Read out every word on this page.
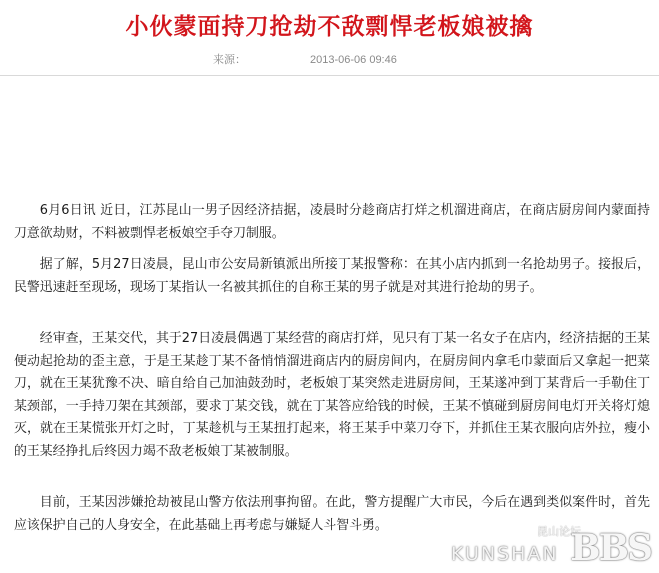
小伙蒙面持刀抢劫不敌剽悍老板娘被擒
来源：	2013-06-06 09:46

6月6日讯 近日，江苏昆山一男子因经济拮据，凌晨时分趁商店打烊之机溜进商店，在商店厨房间内蒙面持刀意欲劫财，不料被剽悍老板娘空手夺刀制服。

据了解，5月27日凌晨，昆山市公安局新镇派出所接丁某报警称：在其小店内抓到一名抢劫男子。接报后，民警迅速赶至现场，现场丁某指认一名被其抓住的自称王某的男子就是对其进行抢劫的男子。

经审查，王某交代，其于27日凌晨偶遇丁某经营的商店打烊，见只有丁某一名女子在店内，经济拮据的王某便动起抢劫的歪主意，于是王某趁丁某不备悄悄溜进商店内的厨房间内，在厨房间内拿毛巾蒙面后又拿起一把菜刀，就在王某犹豫不决、暗自给自己加油鼓劲时，老板娘丁某突然走进厨房间，王某遂冲到丁某背后一手勒住丁某颈部，一手持刀架在其颈部，要求丁某交钱，就在丁某答应给钱的时候，王某不慎碰到厨房间电灯开关将灯熄灭，就在王某慌张开灯之时，丁某趁机与王某扭打起来，将王某手中菜刀夺下，并抓住王某衣服向店外拉，瘦小的王某经挣扎后终因力竭不敌老板娘丁某被制服。

目前，王某因涉嫌抢劫被昆山警方依法刑事拘留。在此，警方提醒广大市民，今后在遇到类似案件时，首先应该保护自己的人身安全，在此基础上再考虑与嫌疑人斗智斗勇。	昆山论坛
KUNSHAN BBS
